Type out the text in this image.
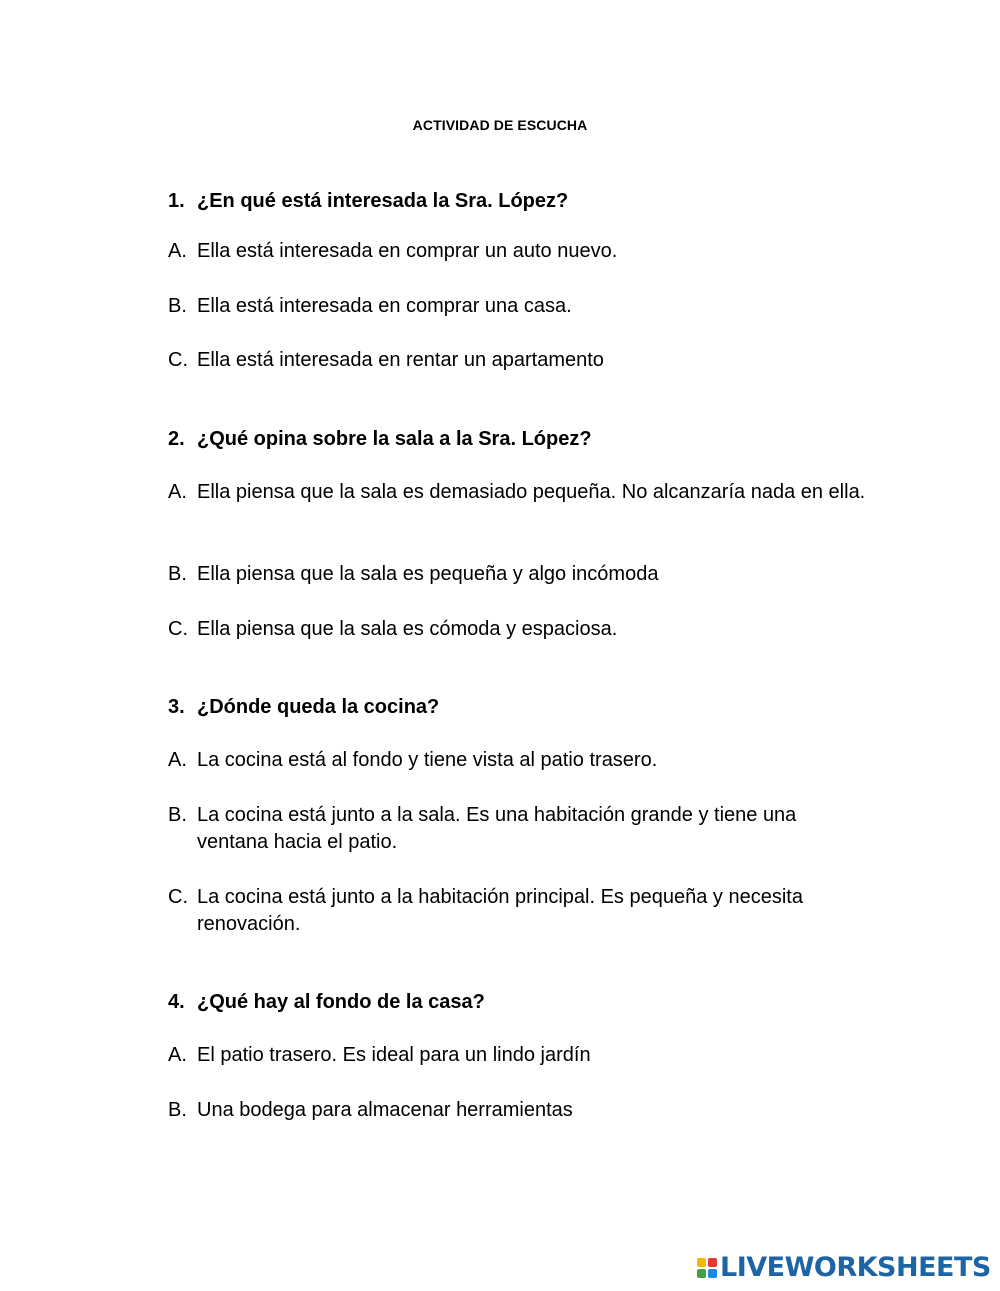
ACTIVIDAD DE ESCUCHA
1. ¿En qué está interesada la Sra. López?
A. Ella está interesada en comprar un auto nuevo.
B. Ella está interesada en comprar una casa.
C. Ella está interesada en rentar un apartamento
2. ¿Qué opina sobre la sala a la Sra. López?
A. Ella piensa que la sala es demasiado pequeña. No alcanzaría nada en ella.
B. Ella piensa que la sala es pequeña y algo incómoda
C. Ella piensa que la sala es cómoda y espaciosa.
3. ¿Dónde queda la cocina?
A. La cocina está al fondo y tiene vista al patio trasero.
B. La cocina está junto a la sala. Es una habitación grande y tiene una ventana hacia el patio.
C. La cocina está junto a la habitación principal. Es pequeña y necesita renovación.
4. ¿Qué hay al fondo de la casa?
A. El patio trasero. Es ideal para un lindo jardín
B. Una bodega para almacenar herramientas
LIVEWORKSHEETS
